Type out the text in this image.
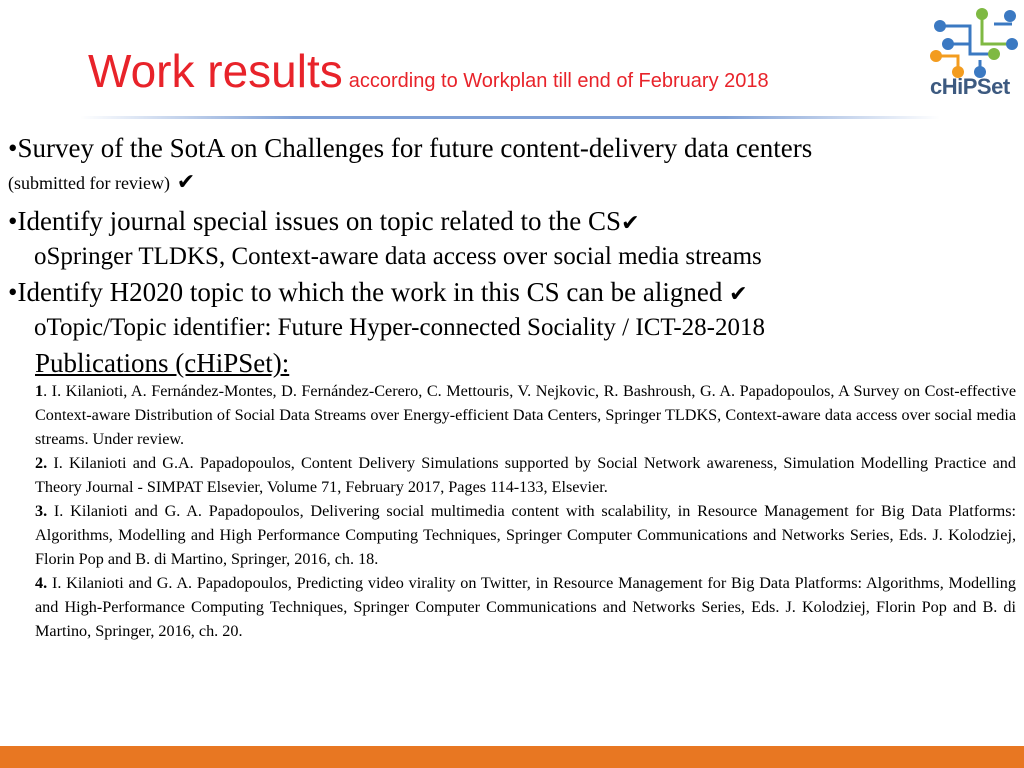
Work results according to Workplan till end of February 2018	cHiPSet
•Survey of the SotA on Challenges for future content-delivery data centers
(submitted for review) ✔
•Identify journal special issues on topic related to the CS✔
oSpringer TLDKS, Context-aware data access over social media streams
•Identify H2020 topic to which the work in this CS can be aligned ✔
oTopic/Topic identifier: Future Hyper-connected Sociality / ICT-28-2018
Publications (cHiPSet):

1. I. Kilanioti, A. Fernández-Montes, D. Fernández-Cerero, C. Mettouris, V. Nejkovic, R. Bashroush, G. A. Papadopoulos, A Survey on Cost-effective Context-aware Distribution of Social Data Streams over Energy-efficient Data Centers, Springer TLDKS, Context-aware data access over social media streams. Under review.

2. I. Kilanioti and G.A. Papadopoulos, Content Delivery Simulations supported by Social Network awareness, Simulation Modelling Practice and Theory Journal - SIMPAT Elsevier, Volume 71, February 2017, Pages 114-133, Elsevier.

3. I. Kilanioti and G. A. Papadopoulos, Delivering social multimedia content with scalability, in Resource Management for Big Data Platforms: Algorithms, Modelling and High Performance Computing Techniques, Springer Computer Communications and Networks Series, Eds. J. Kolodziej, Florin Pop and B. di Martino, Springer, 2016, ch. 18.

4. I. Kilanioti and G. A. Papadopoulos, Predicting video virality on Twitter, in Resource Management for Big Data Platforms: Algorithms, Modelling and High-Performance Computing Techniques, Springer Computer Communications and Networks Series, Eds. J. Kolodziej, Florin Pop and B. di Martino, Springer, 2016, ch. 20.
